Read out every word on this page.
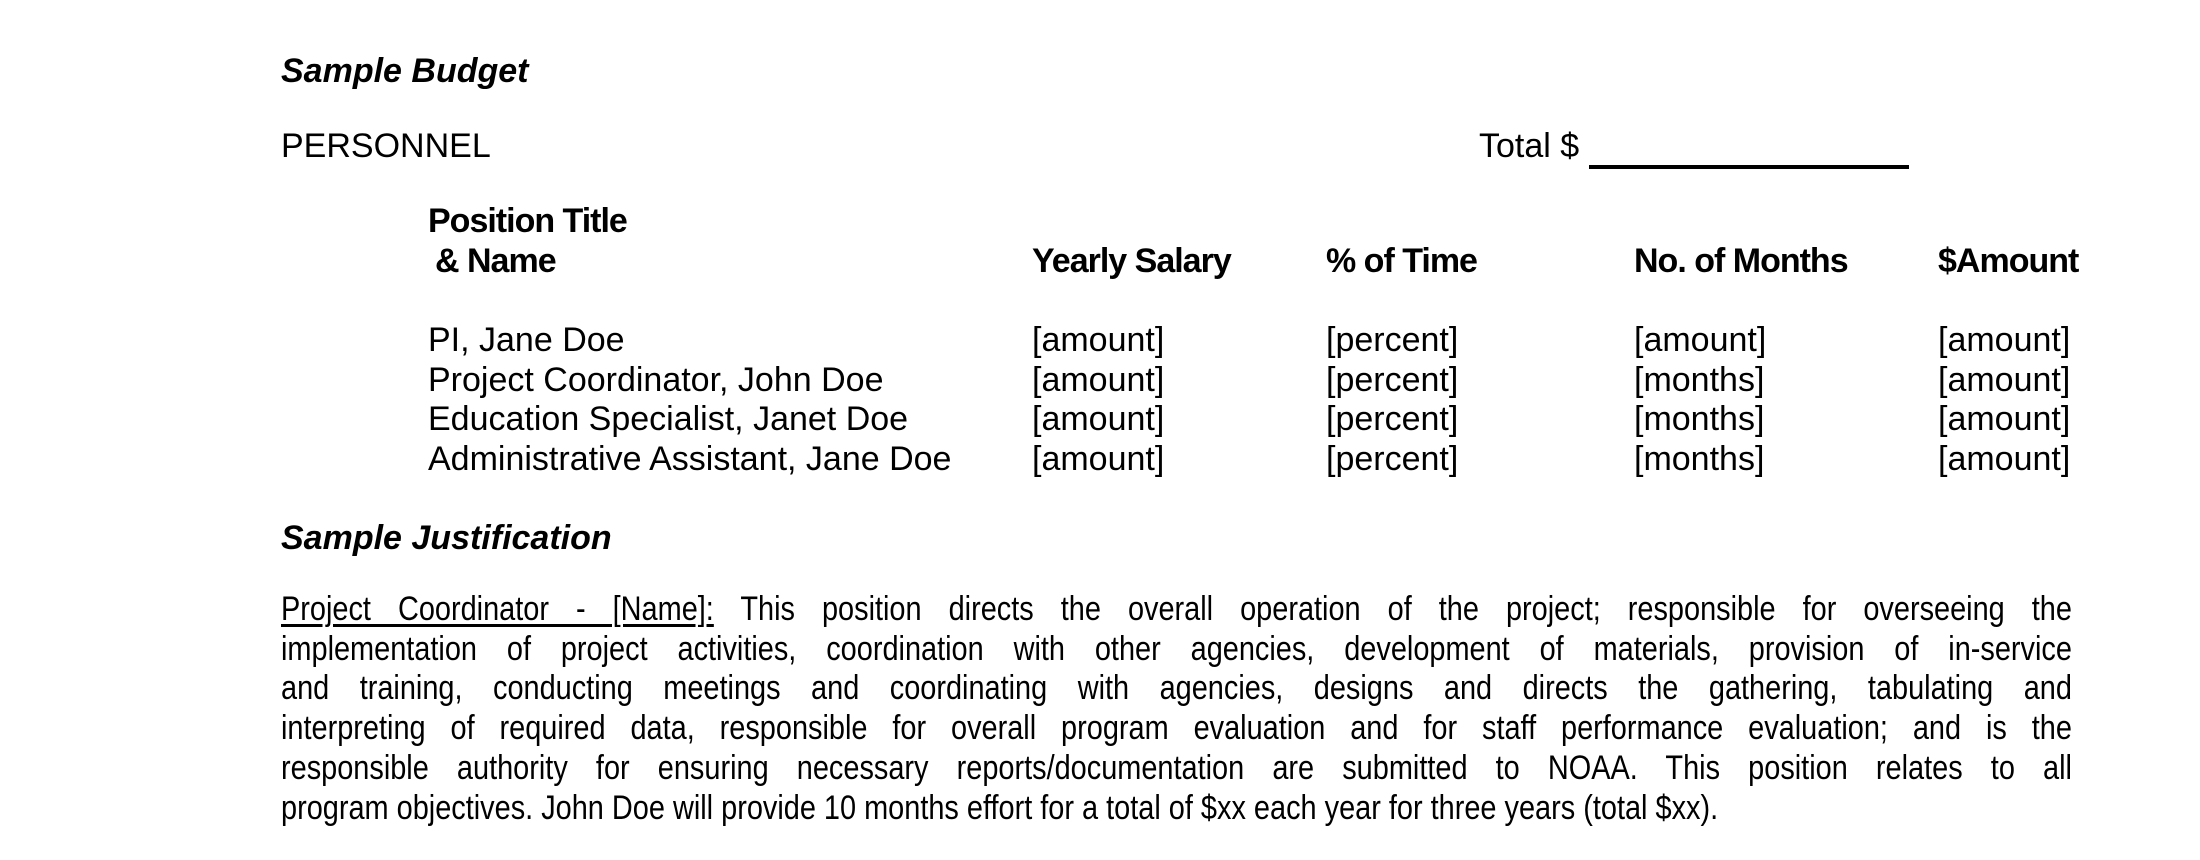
Sample Budget
PERSONNEL	Total $
Position Title
& Name	Yearly Salary	% of Time	No. of Months	$Amount
PI, Jane Doe	[amount]	[percent]	[amount]	[amount]
Project Coordinator, John Doe	[amount]	[percent]	[months]	[amount]
Education Specialist, Janet Doe	[amount]	[percent]	[months]	[amount]
Administrative Assistant, Jane Doe	[amount]	[percent]	[months]	[amount]
Sample Justification
Project Coordinator - [Name]: This position directs the overall operation of the project; responsible for overseeing the
implementation of project activities, coordination with other agencies, development of materials, provision of in-service
and training, conducting meetings and coordinating with agencies, designs and directs the gathering, tabulating and
interpreting of required data, responsible for overall program evaluation and for staff performance evaluation; and is the
responsible authority for ensuring necessary reports/documentation are submitted to NOAA. This position relates to all
program objectives. John Doe will provide 10 months effort for a total of $xx each year for three years (total $xx).
